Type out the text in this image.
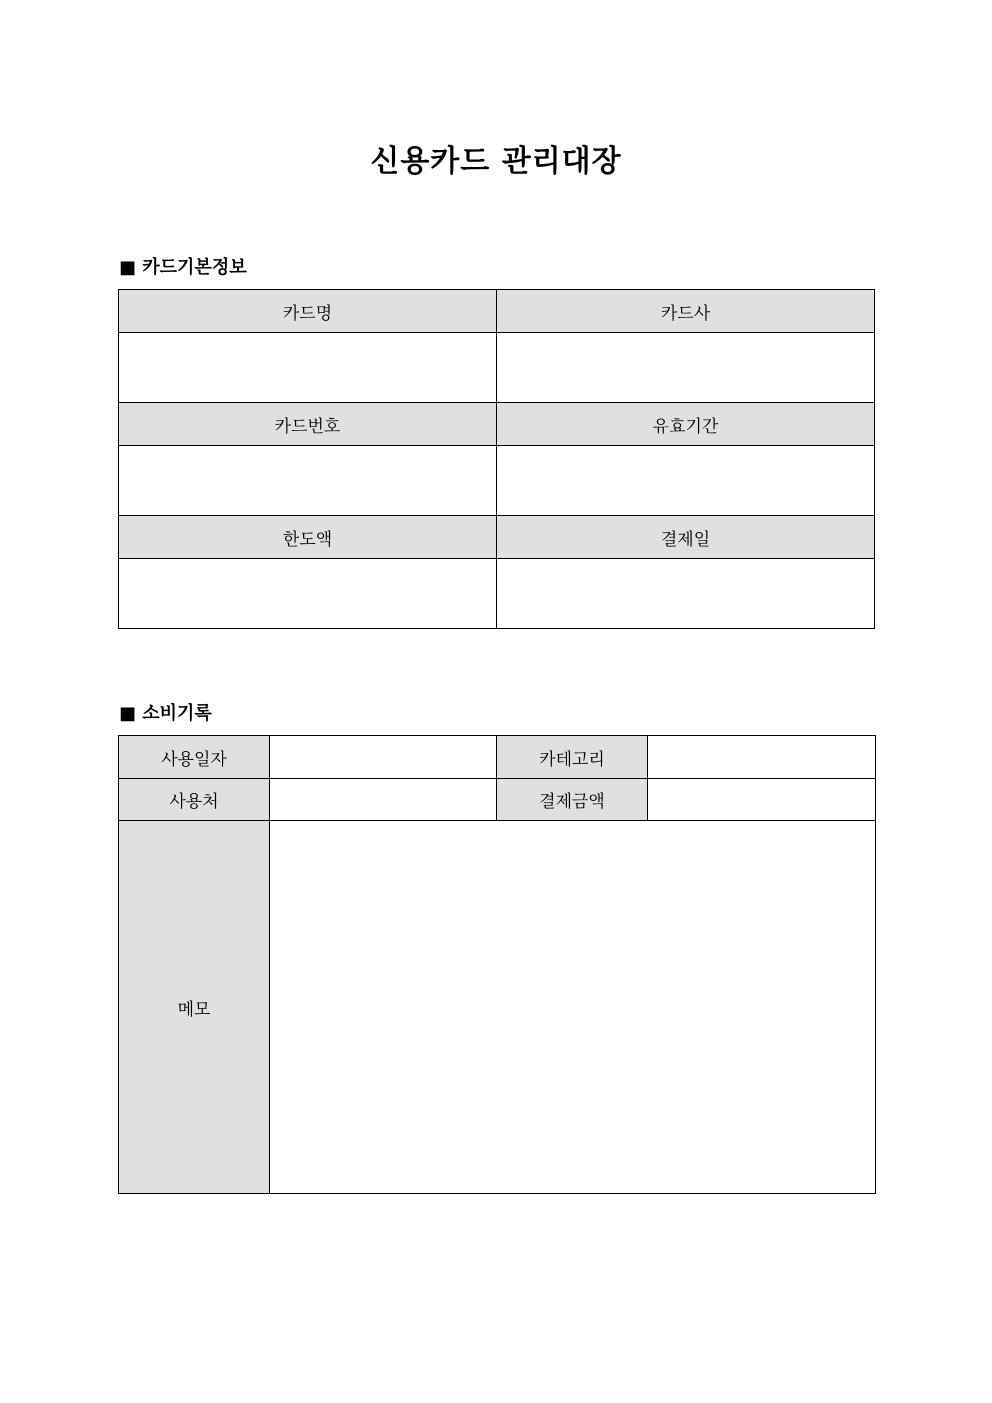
신용카드 관리대장
■ 카드기본정보
카드명	카드사

카드번호	유효기간

한도액	결제일

■ 소비기록
사용일자		카테고리	
사용처		결제금액	
메모			
